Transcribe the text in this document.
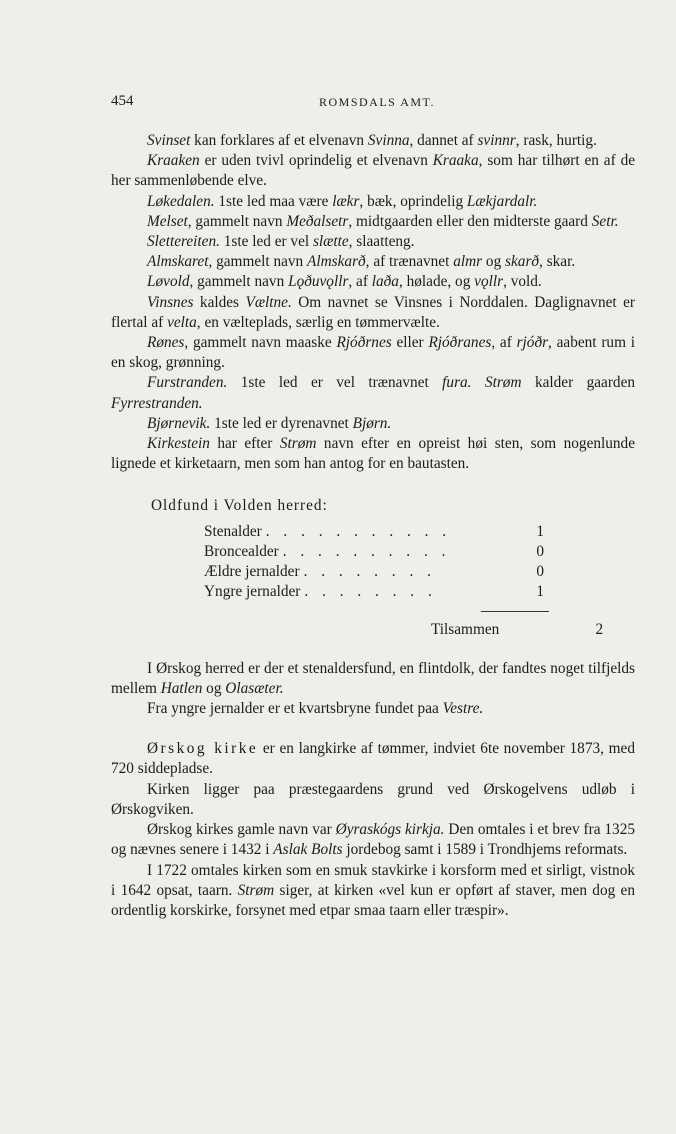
454	ROMSDALS AMT.

Svinset kan forklares af et elvenavn Svinna, dannet af svinnr, rask, hurtig.

Kraaken er uden tvivl oprindelig et elvenavn Kraaka, som har tilhørt en af de her sammenløbende elve.

Løkedalen. 1ste led maa være lækr, bæk, oprindelig Lækjardalr.

Melset, gammelt navn Meðalsetr, midtgaarden eller den midterste gaard Setr.

Slettereiten. 1ste led er vel slætte, slaatteng.

Almskaret, gammelt navn Almskarð, af trænavnet almr og skarð, skar.

Løvold, gammelt navn Lǫðuvǫllr, af laða, hølade, og vǫllr, vold.

Vinsnes kaldes Væltne. Om navnet se Vinsnes i Norddalen. Daglignavnet er flertal af velta, en vælteplads, særlig en tømmervælte.

Rønes, gammelt navn maaske Rjóðrnes eller Rjóðranes, af rjóðr, aabent rum i en skog, grønning.

Furstranden. 1ste led er vel trænavnet fura. Strøm kalder gaarden Fyrrestranden.

Bjørnevik. 1ste led er dyrenavnet Bjørn.

Kirkestein har efter Strøm navn efter en opreist høi sten, som nogenlunde lignede et kirketaarn, men som han antog for en bautasten.

Oldfund i Volden herred:
Stenalder . . . . . . . . . . .	1
Broncealder . . . . . . . . . .	0
Ældre jernalder . . . . . . . .	0
Yngre jernalder . . . . . . . .	1
Tilsammen	2

I Ørskog herred er der et stenaldersfund, en flintdolk, der fandtes noget tilfjelds mellem Hatlen og Olasæter.

Fra yngre jernalder er et kvartsbryne fundet paa Vestre.

Ørskog kirke er en langkirke af tømmer, indviet 6te november 1873, med 720 siddepladse.

Kirken ligger paa præstegaardens grund ved Ørskogelvens udløb i Ørskogviken.

Ørskog kirkes gamle navn var Øyraskógs kirkja. Den omtales i et brev fra 1325 og nævnes senere i 1432 i Aslak Bolts jordebog samt i 1589 i Trondhjems reformats.

I 1722 omtales kirken som en smuk stavkirke i korsform med et sirligt, vistnok i 1642 opsat, taarn. Strøm siger, at kirken «vel kun er opført af staver, men dog en ordentlig korskirke, forsynet med etpar smaa taarn eller træspir».
